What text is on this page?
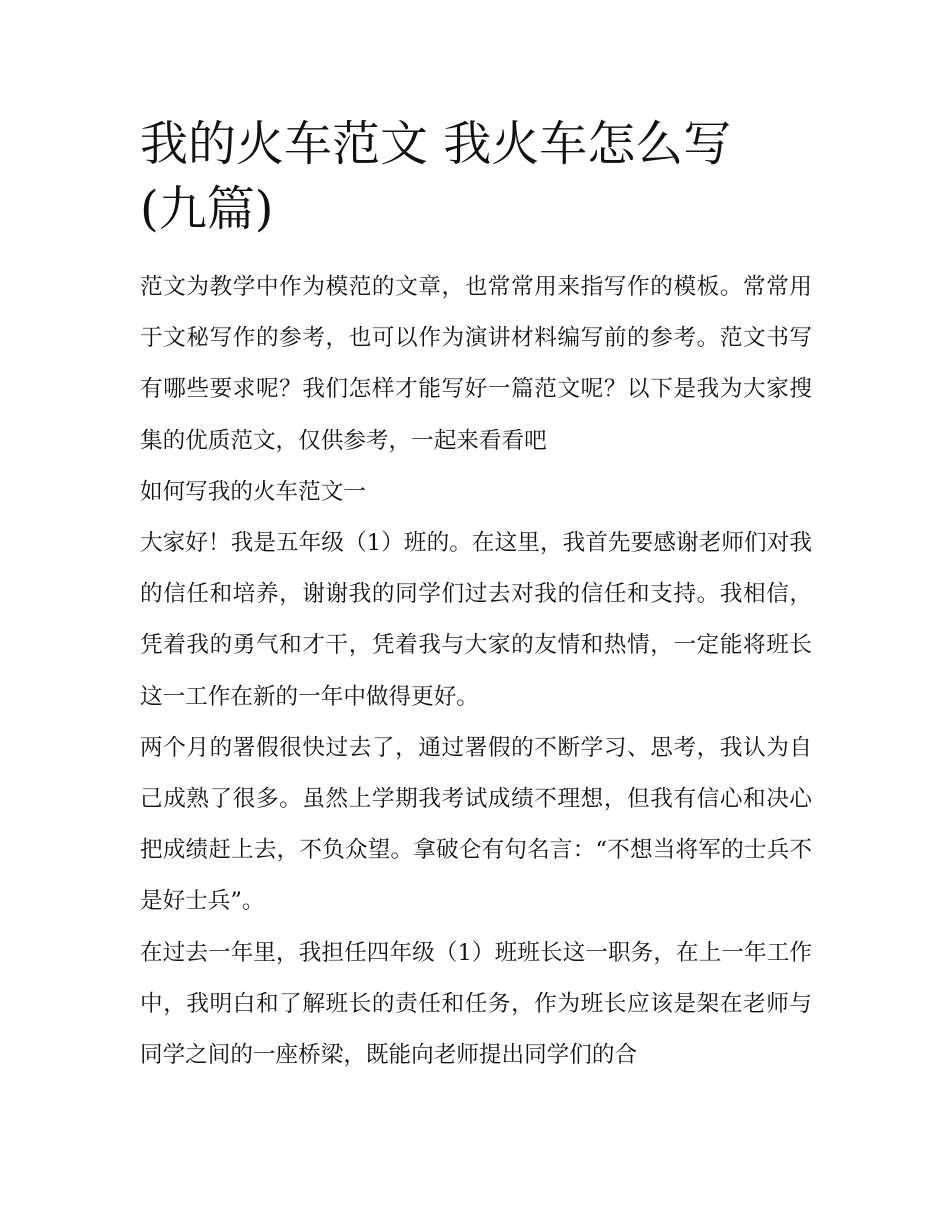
我的火车范文 我火车怎么写
(九篇)

范文为教学中作为模范的文章，也常常用来指写作的模板。常常用于文秘写作的参考，也可以作为演讲材料编写前的参考。范文书写有哪些要求呢？我们怎样才能写好一篇范文呢？以下是我为大家搜集的优质范文，仅供参考，一起来看看吧

如何写我的火车范文一

大家好！我是五年级（1）班的。在这里，我首先要感谢老师们对我的信任和培养，谢谢我的同学们过去对我的信任和支持。我相信，凭着我的勇气和才干，凭着我与大家的友情和热情，一定能将班长这一工作在新的一年中做得更好。

两个月的署假很快过去了，通过署假的不断学习、思考，我认为自己成熟了很多。虽然上学期我考试成绩不理想，但我有信心和决心把成绩赶上去，不负众望。拿破仑有句名言：“不想当将军的士兵不是好士兵”。

在过去一年里，我担任四年级（1）班班长这一职务，在上一年工作中，我明白和了解班长的责任和任务，作为班长应该是架在老师与同学之间的一座桥梁，既能向老师提出同学们的合
